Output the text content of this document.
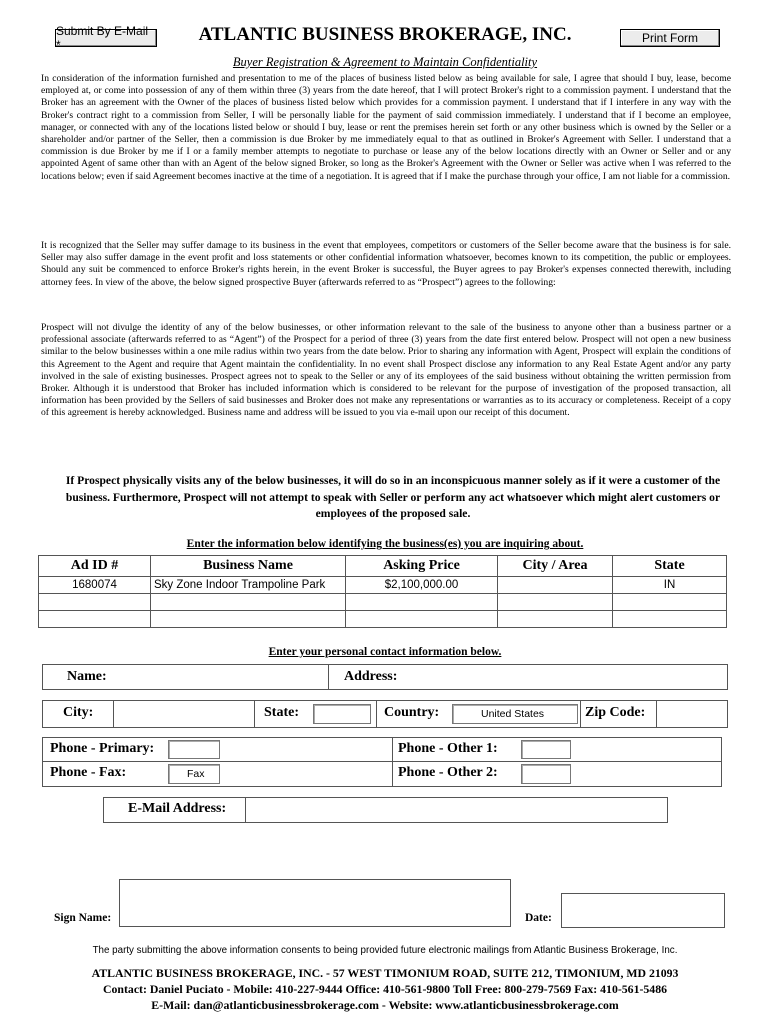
Submit By E-Mail *	Print Form
ATLANTIC BUSINESS BROKERAGE, INC.
Buyer Registration & Agreement to Maintain Confidentiality

In consideration of the information furnished and presentation to me of the places of business listed below as being available for sale, I agree that should I buy, lease, become employed at, or come into possession of any of them within three (3) years from the date hereof, that I will protect Broker's right to a commission payment. I understand that the Broker has an agreement with the Owner of the places of business listed below which provides for a commission payment. I understand that if I interfere in any way with the Broker's contract right to a commission from Seller, I will be personally liable for the payment of said commission immediately. I understand that if I become an employee, manager, or connected with any of the locations listed below or should I buy, lease or rent the premises herein set forth or any other business which is owned by the Seller or a shareholder and/or partner of the Seller, then a commission is due Broker by me immediately equal to that as outlined in Broker's Agreement with Seller. I understand that a commission is due Broker by me if I or a family member attempts to negotiate to purchase or lease any of the below locations directly with an Owner or Seller and or any appointed Agent of same other than with an Agent of the below signed Broker, so long as the Broker's Agreement with the Owner or Seller was active when I was referred to the locations below; even if said Agreement becomes inactive at the time of a negotiation. It is agreed that if I make the purchase through your office, I am not liable for a commission.

It is recognized that the Seller may suffer damage to its business in the event that employees, competitors or customers of the Seller become aware that the business is for sale. Seller may also suffer damage in the event profit and loss statements or other confidential information whatsoever, becomes known to its competition, the public or employees. Should any suit be commenced to enforce Broker's rights herein, in the event Broker is successful, the Buyer agrees to pay Broker's expenses connected therewith, including attorney fees. In view of the above, the below signed prospective Buyer (afterwards referred to as “Prospect”) agrees to the following:

Prospect will not divulge the identity of any of the below businesses, or other information relevant to the sale of the business to anyone other than a business partner or a professional associate (afterwards referred to as “Agent”) of the Prospect for a period of three (3) years from the date first entered below. Prospect will not open a new business similar to the below businesses within a one mile radius within two years from the date below. Prior to sharing any information with Agent, Prospect will explain the conditions of this Agreement to the Agent and require that Agent maintain the confidentiality. In no event shall Prospect disclose any information to any Real Estate Agent and/or any party involved in the sale of existing businesses. Prospect agrees not to speak to the Seller or any of its employees of the said business without obtaining the written permission from Broker. Although it is understood that Broker has included information which is considered to be relevant for the purpose of investigation of the proposed transaction, all information has been provided by the Sellers of said businesses and Broker does not make any representations or warranties as to its accuracy or completeness. Receipt of a copy of this agreement is hereby acknowledged. Business name and address will be issued to you via e-mail upon our receipt of this document.

If Prospect physically visits any of the below businesses, it will do so in an inconspicuous manner solely as if it were a customer of the business. Furthermore, Prospect will not attempt to speak with Seller or perform any act whatsoever which might alert customers or employees of the proposed sale.

Enter the information below identifying the business(es) you are inquiring about.
Ad ID #	Business Name	Asking Price	City / Area	State
1680074	Sky Zone Indoor Trampoline Park	$2,100,000.00		IN

Enter your personal contact information below.
Name:	Address:
City:	State:	Country:	United States	Zip Code:
Phone - Primary:	Phone - Other 1:
Phone - Fax:	Fax	Phone - Other 2:
E-Mail Address:
Sign Name:	Date:
The party submitting the above information consents to being provided future electronic mailings from Atlantic Business Brokerage, Inc.
ATLANTIC BUSINESS BROKERAGE, INC. - 57 WEST TIMONIUM ROAD, SUITE 212, TIMONIUM, MD 21093
Contact: Daniel Puciato - Mobile: 410-227-9444 Office: 410-561-9800 Toll Free: 800-279-7569 Fax: 410-561-5486
E-Mail: dan@atlanticbusinessbrokerage.com - Website: www.atlanticbusinessbrokerage.com
